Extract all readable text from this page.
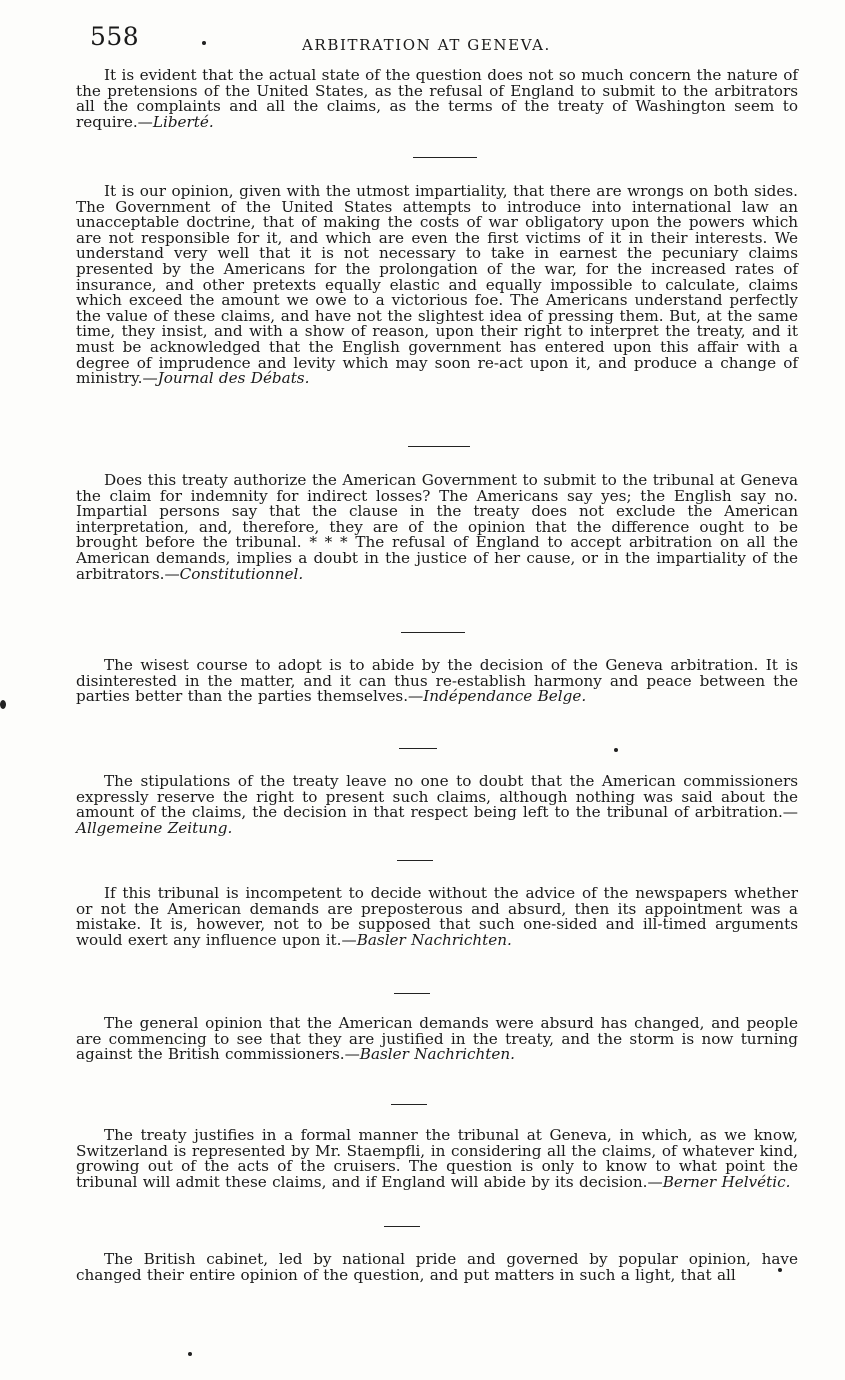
558	ARBITRATION AT GENEVA.

It is evident that the actual state of the question does not so much concern the nature of the pretensions of the United States, as the refusal of England to submit to the arbitrators all the complaints and all the claims, as the terms of the treaty of Washington seem to require.—Liberté.

It is our opinion, given with the utmost impartiality, that there are wrongs on both sides. The Government of the United States attempts to introduce into international law an unacceptable doctrine, that of making the costs of war obligatory upon the powers which are not responsible for it, and which are even the first victims of it in their interests. We understand very well that it is not necessary to take in earnest the pecuniary claims presented by the Americans for the prolongation of the war, for the increased rates of insurance, and other pretexts equally elastic and equally impossible to calculate, claims which exceed the amount we owe to a victorious foe. The Americans understand perfectly the value of these claims, and have not the slightest idea of pressing them. But, at the same time, they insist, and with a show of reason, upon their right to interpret the treaty, and it must be acknowledged that the English government has entered upon this affair with a degree of imprudence and levity which may soon re-act upon it, and produce a change of ministry.—Journal des Débats.

Does this treaty authorize the American Government to submit to the tribunal at Geneva the claim for indemnity for indirect losses? The Americans say yes; the English say no. Impartial persons say that the clause in the treaty does not exclude the American interpretation, and, therefore, they are of the opinion that the difference ought to be brought before the tribunal. * * * The refusal of England to accept arbitration on all the American demands, implies a doubt in the justice of her cause, or in the impartiality of the arbitrators.—Constitutionnel.

The wisest course to adopt is to abide by the decision of the Geneva arbitration. It is disinterested in the matter, and it can thus re-establish harmony and peace between the parties better than the parties themselves.—Indépendance Belge.

The stipulations of the treaty leave no one to doubt that the American commissioners expressly reserve the right to present such claims, although nothing was said about the amount of the claims, the decision in that respect being left to the tribunal of arbitration.—Allgemeine Zeitung.

If this tribunal is incompetent to decide without the advice of the newspapers whether or not the American demands are preposterous and absurd, then its appointment was a mistake. It is, however, not to be supposed that such one-sided and ill-timed arguments would exert any influence upon it.—Basler Nachrichten.

The general opinion that the American demands were absurd has changed, and people are commencing to see that they are justified in the treaty, and the storm is now turning against the British commissioners.—Basler Nachrichten.

The treaty justifies in a formal manner the tribunal at Geneva, in which, as we know, Switzerland is represented by Mr. Staempfli, in considering all the claims, of whatever kind, growing out of the acts of the cruisers. The question is only to know to what point the tribunal will admit these claims, and if England will abide by its decision.—Berner Helvétic.

The British cabinet, led by national pride and governed by popular opinion, have changed their entire opinion of the question, and put matters in such a light, that all
